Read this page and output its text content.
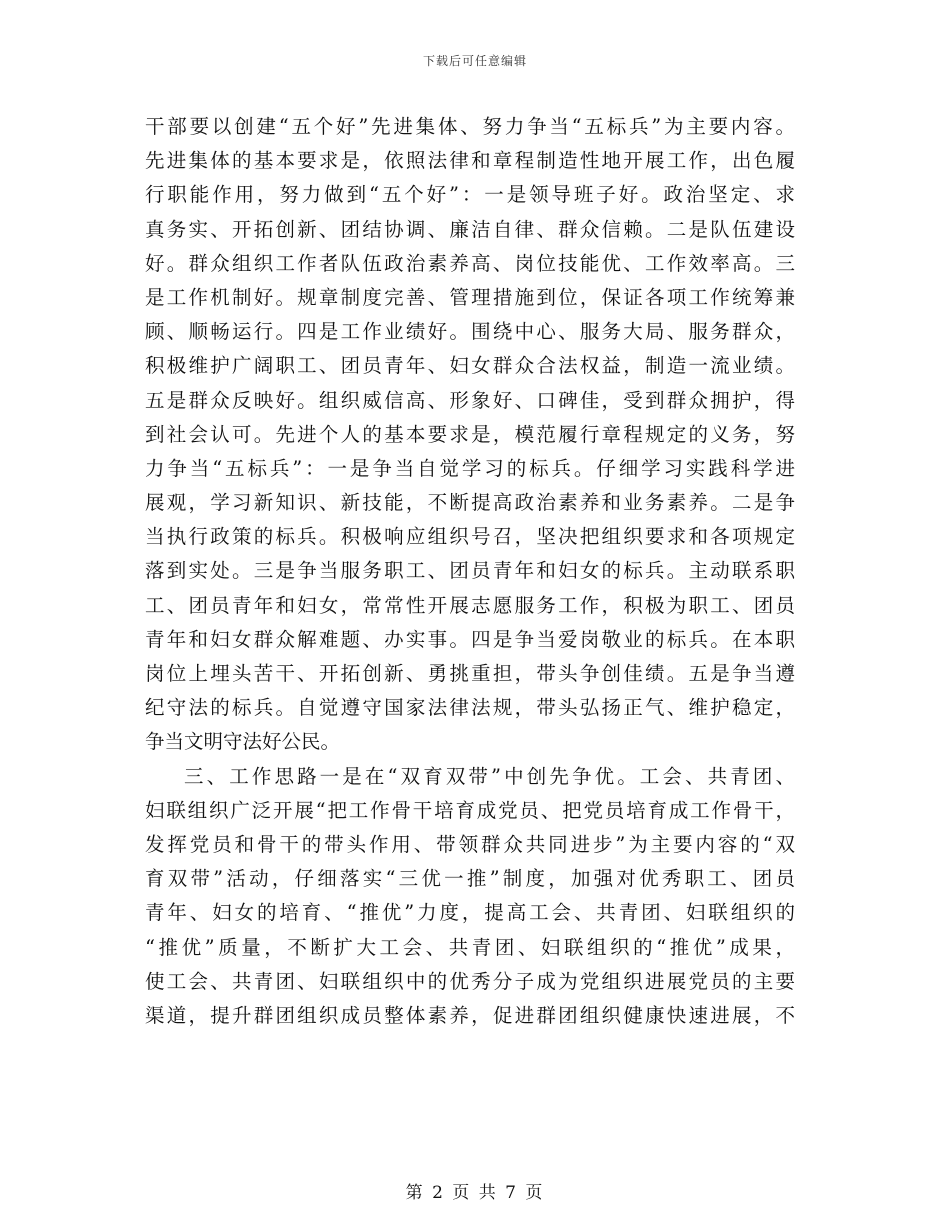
下载后可任意编辑
干部要以创建“五个好”先进集体、努力争当“五标兵”为主要内容。
先进集体的基本要求是，依照法律和章程制造性地开展工作，出色履
行职能作用，努力做到“五个好”：一是领导班子好。政治坚定、求
真务实、开拓创新、团结协调、廉洁自律、群众信赖。二是队伍建设
好。群众组织工作者队伍政治素养高、岗位技能优、工作效率高。三
是工作机制好。规章制度完善、管理措施到位，保证各项工作统筹兼
顾、顺畅运行。四是工作业绩好。围绕中心、服务大局、服务群众，
积极维护广阔职工、团员青年、妇女群众合法权益，制造一流业绩。
五是群众反映好。组织威信高、形象好、口碑佳，受到群众拥护，得
到社会认可。先进个人的基本要求是，模范履行章程规定的义务，努
力争当“五标兵”：一是争当自觉学习的标兵。仔细学习实践科学进
展观，学习新知识、新技能，不断提高政治素养和业务素养。二是争
当执行政策的标兵。积极响应组织号召，坚决把组织要求和各项规定
落到实处。三是争当服务职工、团员青年和妇女的标兵。主动联系职
工、团员青年和妇女，常常性开展志愿服务工作，积极为职工、团员
青年和妇女群众解难题、办实事。四是争当爱岗敬业的标兵。在本职
岗位上埋头苦干、开拓创新、勇挑重担，带头争创佳绩。五是争当遵
纪守法的标兵。自觉遵守国家法律法规，带头弘扬正气、维护稳定，
争当文明守法好公民。
三、工作思路一是在“双育双带”中创先争优。工会、共青团、
妇联组织广泛开展“把工作骨干培育成党员、把党员培育成工作骨干，
发挥党员和骨干的带头作用、带领群众共同进步”为主要内容的“双
育双带”活动，仔细落实“三优一推”制度，加强对优秀职工、团员
青年、妇女的培育、“推优”力度，提高工会、共青团、妇联组织的
“推优”质量，不断扩大工会、共青团、妇联组织的“推优”成果，
使工会、共青团、妇联组织中的优秀分子成为党组织进展党员的主要
渠道，提升群团组织成员整体素养，促进群团组织健康快速进展，不
第 2 页 共 7 页
